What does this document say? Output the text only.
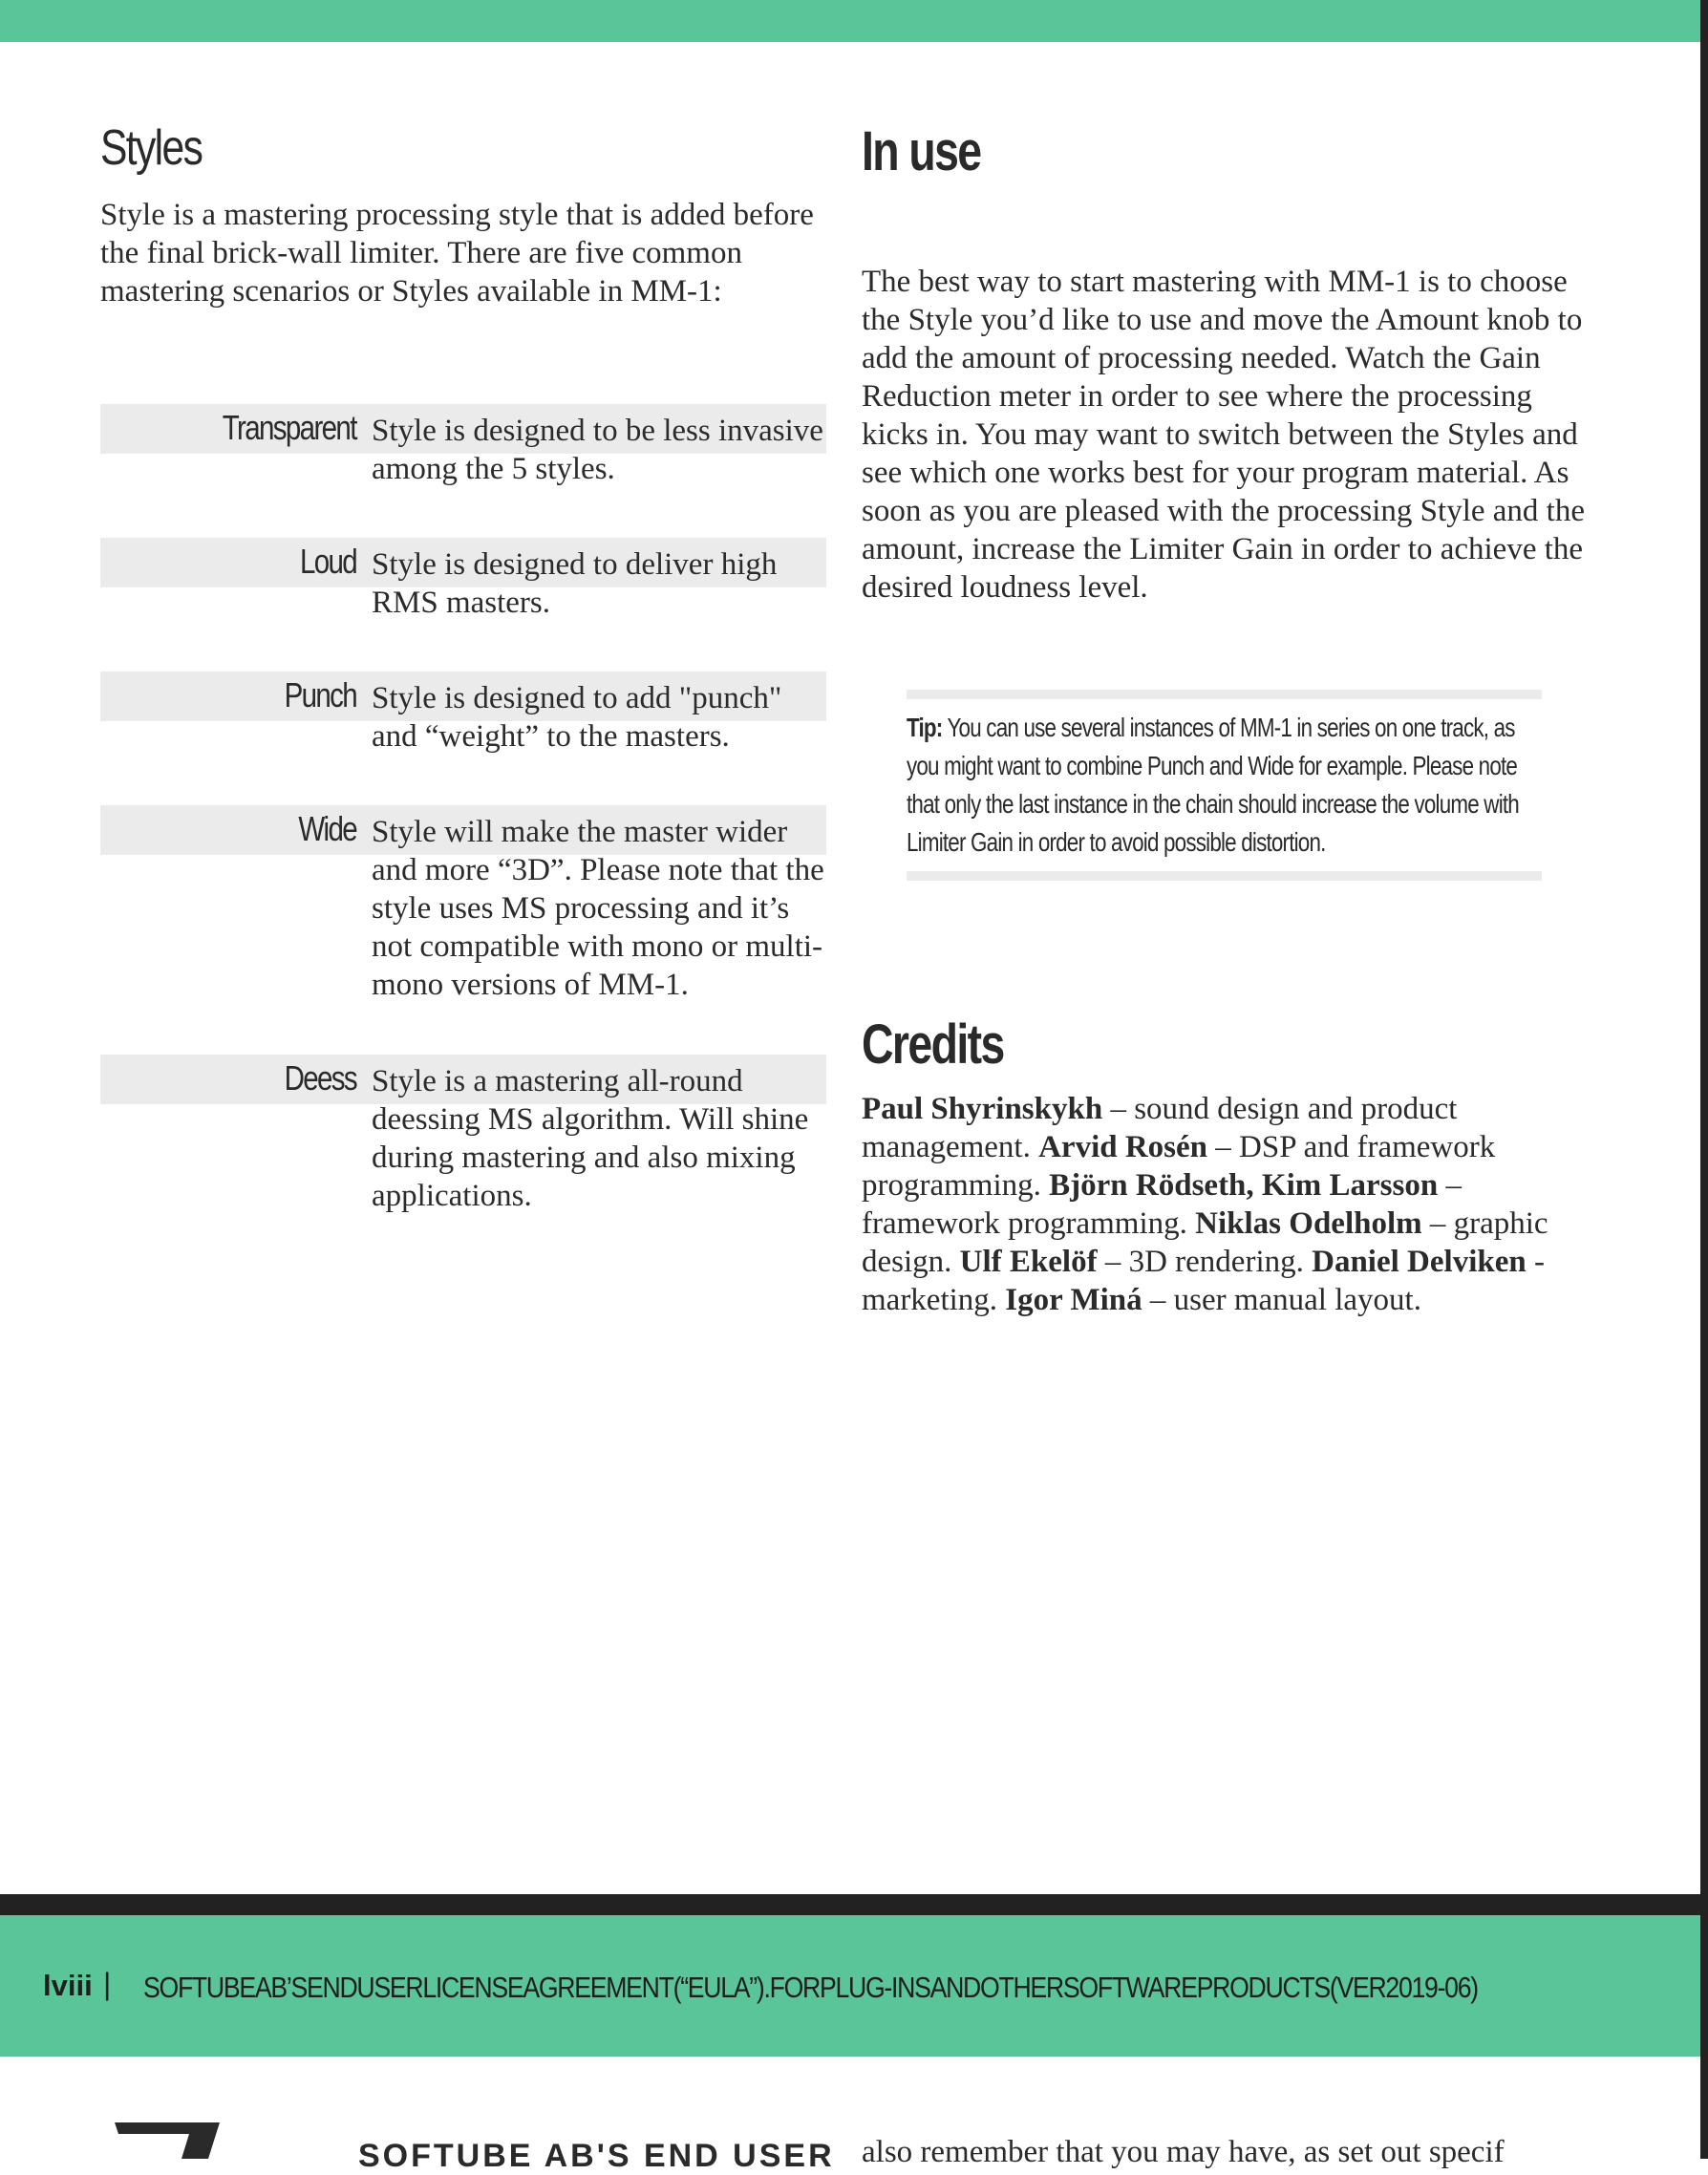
Styles
Style is a mastering processing style that is added before the final brick-wall limiter. There are five common mastering scenarios or Styles available in MM-1:
Transparent Style is designed to be less invasive among the 5 styles.
Loud Style is designed to deliver high RMS masters.
Punch Style is designed to add "punch" and “weight” to the masters.
Wide Style will make the master wider and more “3D”. Please note that the style uses MS processing and it’s not compatible with mono or multi-mono versions of MM-1.
Deess Style is a mastering all-round deessing MS algorithm. Will shine during mastering and also mixing applications.
In use
The best way to start mastering with MM-1 is to choose the Style you’d like to use and move the Amount knob to add the amount of processing needed. Watch the Gain Reduction meter in order to see where the processing kicks in. You may want to switch between the Styles and see which one works best for your program material. As soon as you are pleased with the processing Style and the amount, increase the Limiter Gain in order to achieve the desired loudness level.
Tip: You can use several instances of MM-1 in series on one track, as you might want to combine Punch and Wide for example. Please note that only the last instance in the chain should increase the volume with Limiter Gain in order to avoid possible distortion.
Credits
Paul Shyrinskykh – sound design and product management. Arvid Rosén – DSP and framework programming. Björn Rödseth, Kim Larsson – framework programming. Niklas Odelholm – graphic design. Ulf Ekelöf – 3D rendering. Daniel Delviken - marketing. Igor Miná – user manual layout.
lviii | SOFTUBEAB’SENDUSERLICENSEAGREEMENT(“EULA”).FORPLUG-INSANDOTHERSOFTWAREPRODUCTS(VER2019-06)
SOFTUBE AB'S END USER also remember that you may have, as set out specif
